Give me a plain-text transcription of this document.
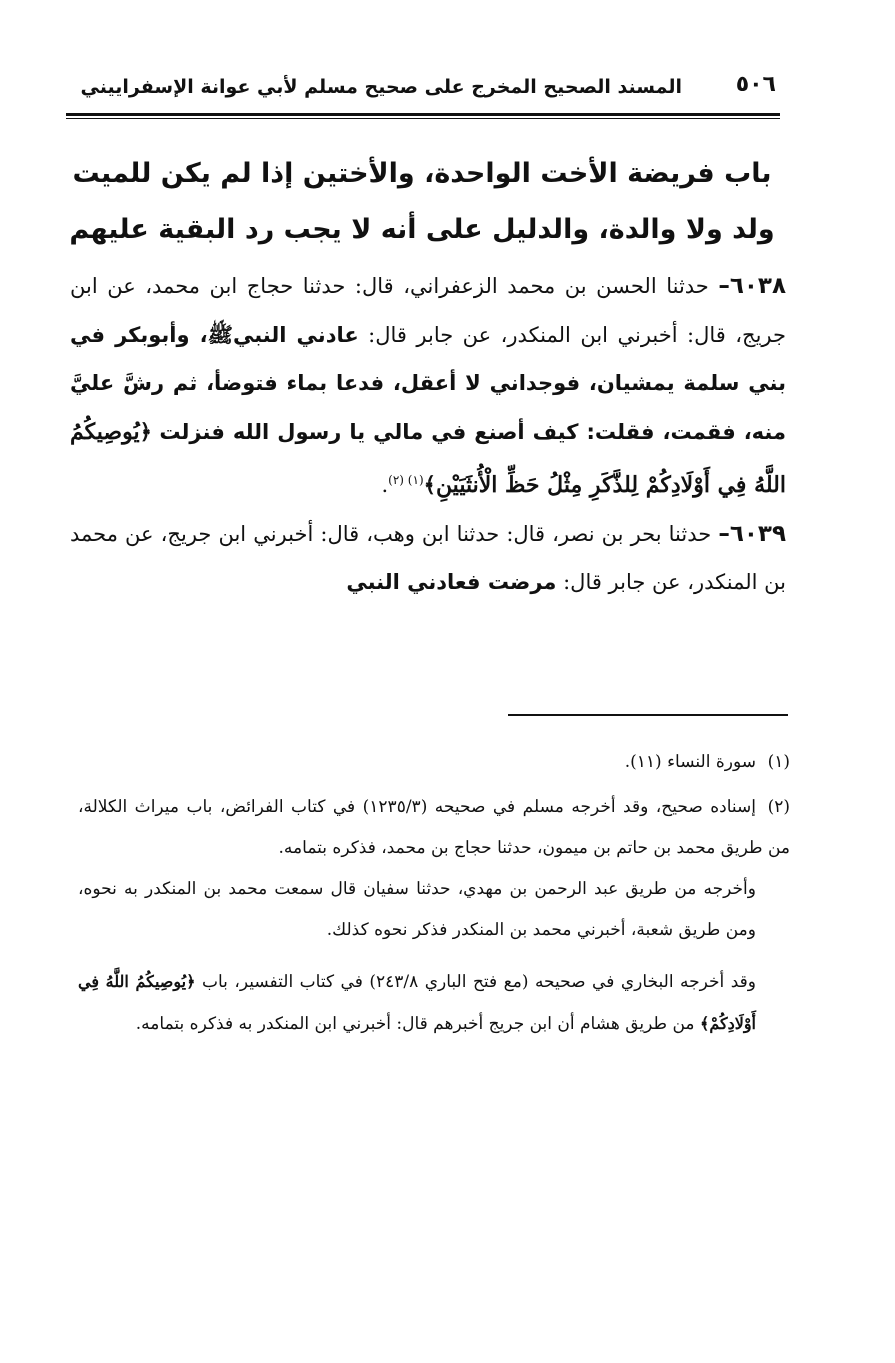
٥٠٦
المسند الصحيح المخرج على صحيح مسلم لأبي عوانة الإسفراييني
باب فريضة الأخت الواحدة، والأختين إذا لم يكن للميت ولد ولا والدة، والدليل على أنه لا يجب رد البقية عليهم

٦٠٣٨– حدثنا الحسن بن محمد الزعفراني، قال: حدثنا حجاج ابن محمد، عن ابن جريج، قال: أخبرني ابن المنكدر، عن جابر قال: عادني النبيﷺ، وأبوبكر في بني سلمة يمشيان، فوجداني لا أعقل، فدعا بماء فتوضأ، ثم رشَّ عليَّ منه، فقمت، فقلت: كيف أصنع في مالي يا رسول الله فنزلت ﴿يُوصِيكُمُ اللَّهُ فِي أَوْلَادِكُمْ لِلذَّكَرِ مِثْلُ حَظِّ الْأُنثَيَيْنِ﴾$^{(١) (٢)}$.

٦٠٣٩– حدثنا بحر بن نصر، قال: حدثنا ابن وهب، قال: أخبرني ابن جريج، عن محمد بن المنكدر، عن جابر قال: مرضت فعادني النبي

(١)سورة النساء (١١).
(٢)إسناده صحيح، وقد أخرجه مسلم في صحيحه (١٢٣٥/٣) في كتاب الفرائض، باب ميراث الكلالة، من طريق محمد بن حاتم بن ميمون، حدثنا حجاج بن محمد، فذكره بتمامه.
وأخرجه من طريق عبد الرحمن بن مهدي، حدثنا سفيان قال سمعت محمد بن المنكدر به نحوه، ومن طريق شعبة، أخبرني محمد بن المنكدر فذكر نحوه كذلك.
وقد أخرجه البخاري في صحيحه (مع فتح الباري ٢٤٣/٨) في كتاب التفسير، باب ﴿يُوصِيكُمُ اللَّهُ فِي أَوْلَادِكُمْ﴾ من طريق هشام أن ابن جريج أخبرهم قال: أخبرني ابن المنكدر به فذكره بتمامه.
